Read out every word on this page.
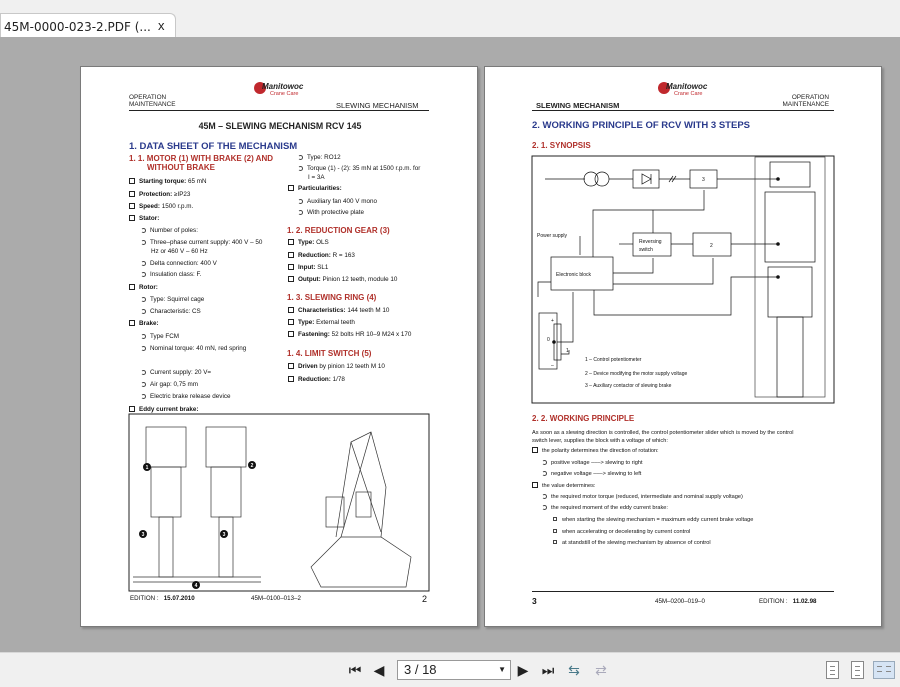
45M-0000-023-2.PDF (... x
Manitowoc
Crane Care
OPERATION
MAINTENANCE	SLEWING MECHANISM
45M – SLEWING MECHANISM RCV 145
1. DATA SHEET OF THE MECHANISM
1. 1. MOTOR (1) WITH BRAKE (2) AND
WITHOUT BRAKE
Starting torque: 65 mN
Protection: ≥IP23
Speed: 1500 r.p.m.
Stator:
Number of poles:
Three–phase current supply: 400 V – 50
Hz or 460 V – 60 Hz
Delta connection: 400 V
Insulation class: F.
Rotor:
Type: Squirrel cage
Characteristic: CS
Brake:
Type FCM
Nominal torque: 40 mN, red spring
Current supply: 20 V=
Air gap: 0,75 mm
Electric brake release device
Eddy current brake:
Type: RO12
Torque (1) - (2): 35 mN at 1500 r.p.m. for
I = 3A
Particularities:
Auxiliary fan 400 V mono
With protective plate
1. 2. REDUCTION GEAR (3)
Type: OLS
Reduction: R = 163
Input: SL1
Output: Pinion 12 teeth, module 10
1. 3. SLEWING RING (4)
Characteristics: 144 teeth M 10
Type: External teeth
Fastening: 52 bolts HR 10–9 M24 x 170
1. 4. LIMIT SWITCH (5)
Driven by pinion 12 teeth M 10
Reduction: 1/78
1	2
3	3
4
EDITION : 15.07.2010	45M–0100–013–2	2
Manitowoc
Crane Care
SLEWING MECHANISM
OPERATION
MAINTENANCE
2. WORKING PRINCIPLE OF RCV WITH 3 STEPS
2. 1. SYNOPSIS
3
2
Reversing
switch
Power supply
Electronic block
+
0
–
1
1 – Control potentiometer
2 – Device modifying the motor supply voltage
3 – Auxiliary contactor of slewing brake
2. 2. WORKING PRINCIPLE
As soon as a slewing direction is controlled, the control potentiometer slider which is moved by the control
switch lever, supplies the block with a voltage of which:
the polarity determines the direction of rotation:
positive voltage –––> slewing to right
negative voltage –––> slewing to left
the value determines:
the required motor torque (reduced, intermediate and nominal supply voltage)
the required moment of the eddy current brake:
when starting the slewing mechanism = maximum eddy current brake voltage
when accelerating or decelerating by current control
at standstill of the slewing mechanism by absence of control
3	45M–0200–019–0	EDITION : 11.02.98
⏮ ◀	3 / 18	▼ ▶ ⏭ ⇆ ⇄
